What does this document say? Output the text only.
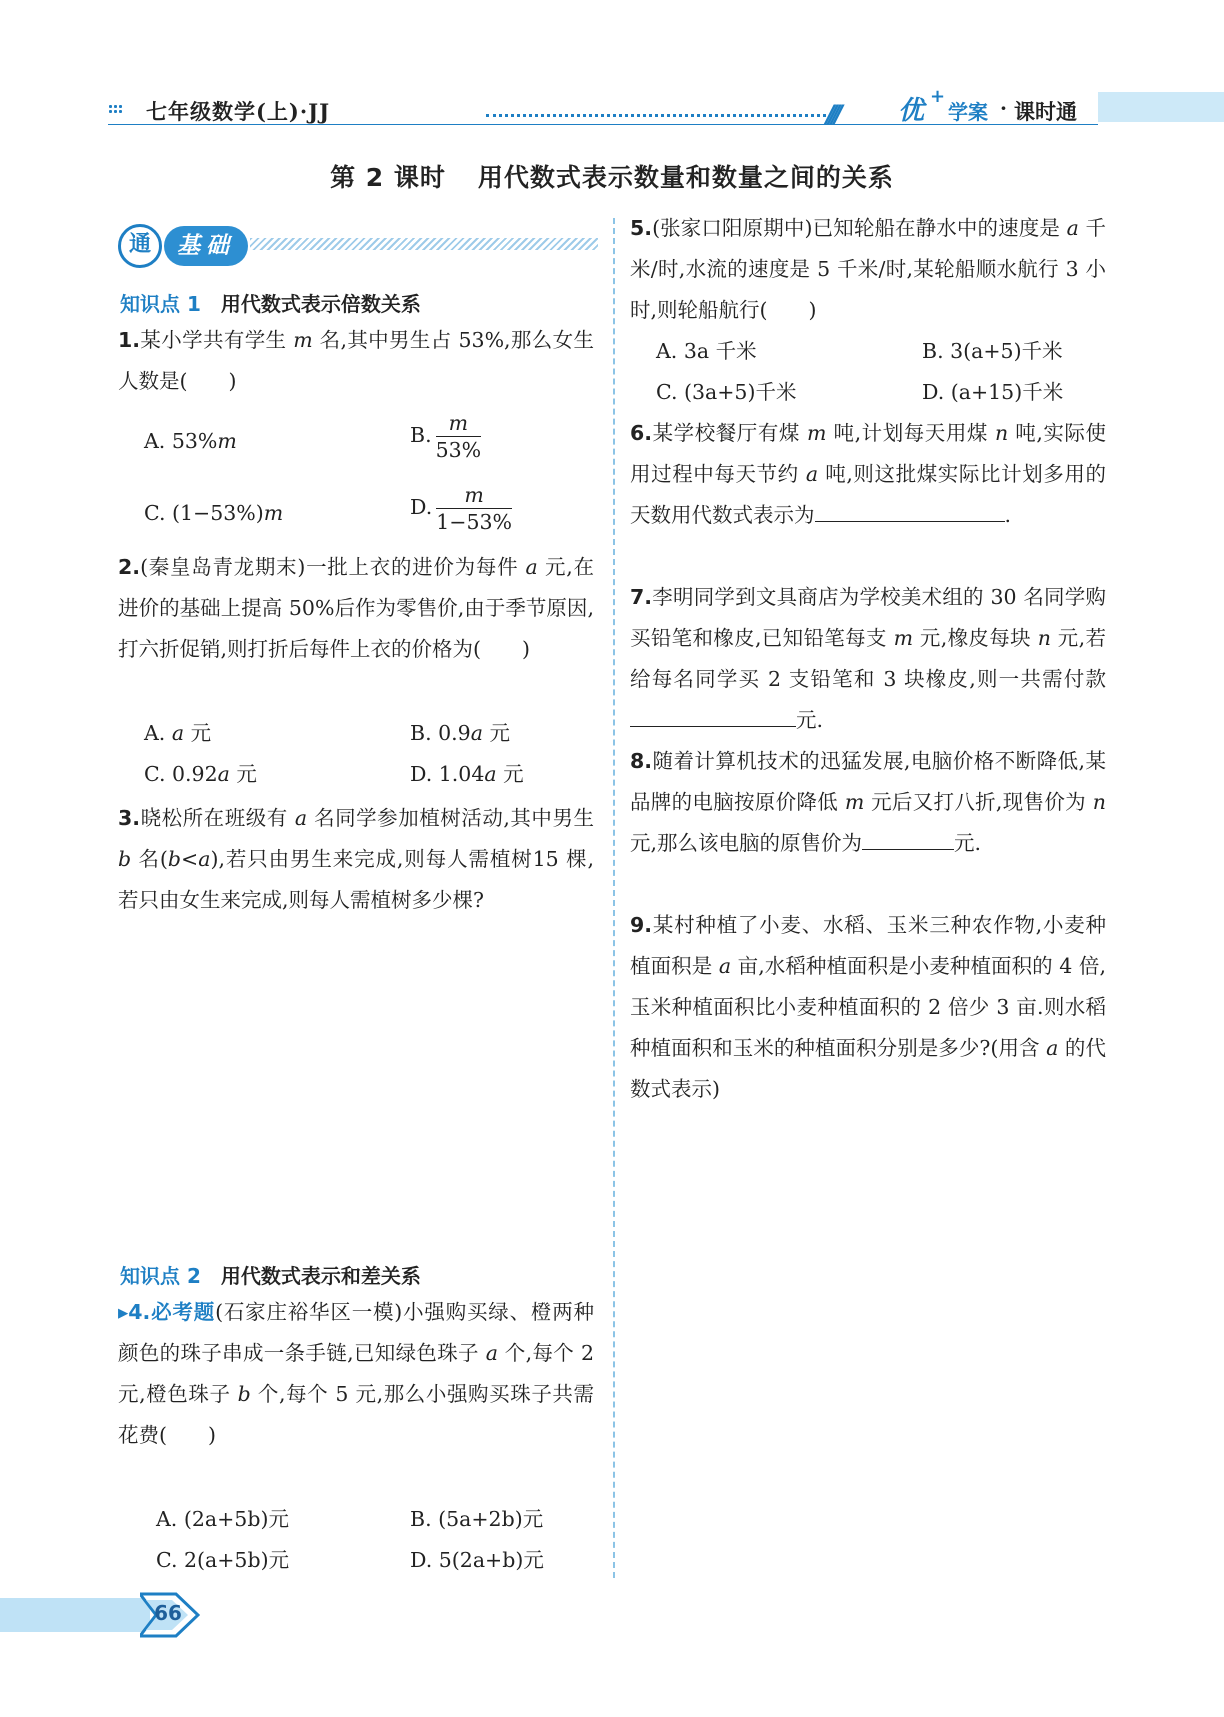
七年级数学(上)·JJ	//// 优 +
学案 · 课时通
第 2 课时 用代数式表示数量和数量之间的关系
通	基础
知识点 1 用代数式表示倍数关系
1.某小学共有学生 m 名,其中男生占 53%,那么女生人数是(　　)
A. 53%m	B. $\frac{m}{53\%}$
C. (1−53%)m	D. $\frac{m}{1-53\%}$
2.(秦皇岛青龙期末)一批上衣的进价为每件 a 元,在进价的基础上提高 50%后作为零售价,由于季节原因,打六折促销,则打折后每件上衣的价格为(　　)
A. a 元	B. 0.9a 元
C. 0.92a 元	D. 1.04a 元
3.晓松所在班级有 a 名同学参加植树活动,其中男生 b 名(b<a),若只由男生来完成,则每人需植树15 棵,若只由女生来完成,则每人需植树多少棵?
知识点 2 用代数式表示和差关系
▸4.必考题(石家庄裕华区一模)小强购买绿、橙两种颜色的珠子串成一条手链,已知绿色珠子 a 个,每个 2 元,橙色珠子 b 个,每个 5 元,那么小强购买珠子共需花费(　　)
A. (2a+5b)元	B. (5a+2b)元
C. 2(a+5b)元	D. 5(2a+b)元
5.(张家口阳原期中)已知轮船在静水中的速度是 a 千米/时,水流的速度是 5 千米/时,某轮船顺水航行 3 小时,则轮船航行(　　)
A. 3a 千米	B. 3(a+5)千米
C. (3a+5)千米	D. (a+15)千米
6.某学校餐厅有煤 m 吨,计划每天用煤 n 吨,实际使用过程中每天节约 a 吨,则这批煤实际比计划多用的天数用代数式表示为	.
7.李明同学到文具商店为学校美术组的 30 名同学购买铅笔和橡皮,已知铅笔每支 m 元,橡皮每块 n 元,若给每名同学买 2 支铅笔和 3 块橡皮,则一共需付款元.
8.随着计算机技术的迅猛发展,电脑价格不断降低,某品牌的电脑按原价降低 m 元后又打八折,现售价为 n 元,那么该电脑的原售价为	元.
9.某村种植了小麦、水稻、玉米三种农作物,小麦种植面积是 a 亩,水稻种植面积是小麦种植面积的 4 倍,玉米种植面积比小麦种植面积的 2 倍少 3 亩.则水稻种植面积和玉米的种植面积分别是多少?(用含 a 的代数式表示)
66
